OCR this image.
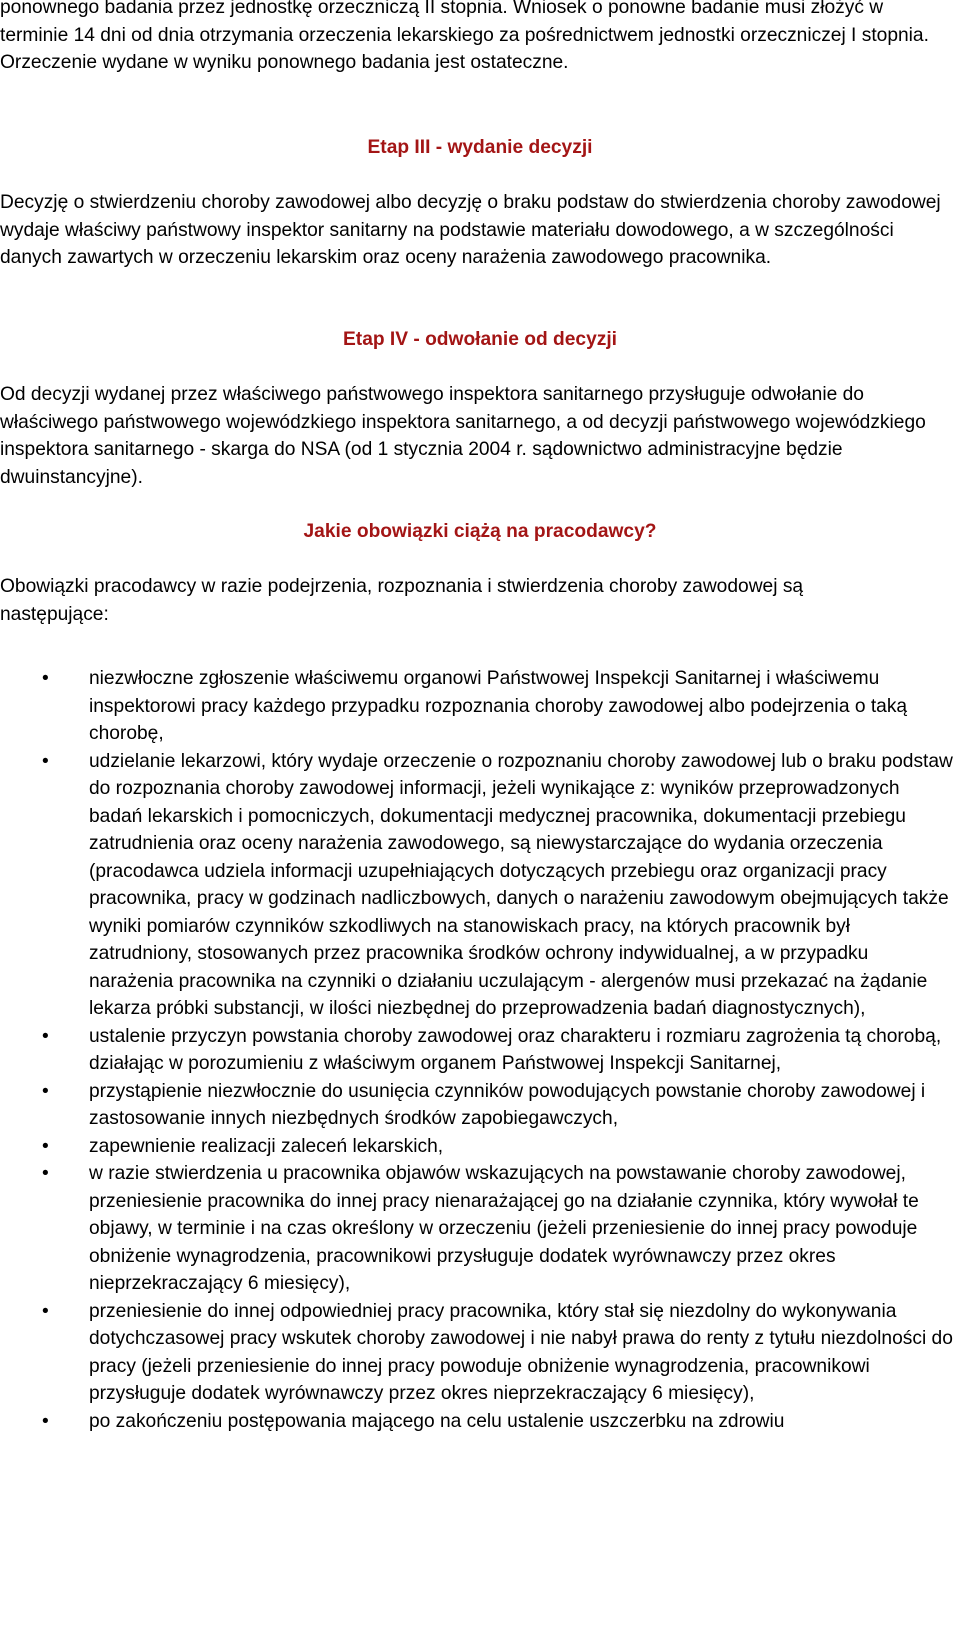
ponownego badania przez jednostkę orzeczniczą II stopnia. Wniosek o ponowne badanie musi złożyć w terminie 14 dni od dnia otrzymania orzeczenia lekarskiego za pośrednictwem jednostki orzeczniczej I stopnia. Orzeczenie wydane w wyniku ponownego badania jest ostateczne.

Etap III - wydanie decyzji

Decyzję o stwierdzeniu choroby zawodowej albo decyzję o braku podstaw do stwierdzenia choroby zawodowej wydaje właściwy państwowy inspektor sanitarny na podstawie materiału dowodowego, a w szczególności danych zawartych w orzeczeniu lekarskim oraz oceny narażenia zawodowego pracownika.

Etap IV - odwołanie od decyzji

Od decyzji wydanej przez właściwego państwowego inspektora sanitarnego przysługuje odwołanie do właściwego państwowego wojewódzkiego inspektora sanitarnego, a od decyzji państwowego wojewódzkiego inspektora sanitarnego - skarga do NSA (od 1 stycznia 2004 r. sądownictwo administracyjne będzie dwuinstancyjne).

Jakie obowiązki ciążą na pracodawcy?

Obowiązki pracodawcy w razie podejrzenia, rozpoznania i stwierdzenia choroby zawodowej są następujące:

• niezwłoczne zgłoszenie właściwemu organowi Państwowej Inspekcji Sanitarnej i właściwemu inspektorowi pracy każdego przypadku rozpoznania choroby zawodowej albo podejrzenia o taką chorobę,
• udzielanie lekarzowi, który wydaje orzeczenie o rozpoznaniu choroby zawodowej lub o braku podstaw do rozpoznania choroby zawodowej informacji, jeżeli wynikające z: wyników przeprowadzonych badań lekarskich i pomocniczych, dokumentacji medycznej pracownika, dokumentacji przebiegu zatrudnienia oraz oceny narażenia zawodowego, są niewystarczające do wydania orzeczenia (pracodawca udziela informacji uzupełniających dotyczących przebiegu oraz organizacji pracy pracownika, pracy w godzinach nadliczbowych, danych o narażeniu zawodowym obejmujących także wyniki pomiarów czynników szkodliwych na stanowiskach pracy, na których pracownik był zatrudniony, stosowanych przez pracownika środków ochrony indywidualnej, a w przypadku narażenia pracownika na czynniki o działaniu uczulającym - alergenów musi przekazać na żądanie lekarza próbki substancji, w ilości niezbędnej do przeprowadzenia badań diagnostycznych),
• ustalenie przyczyn powstania choroby zawodowej oraz charakteru i rozmiaru zagrożenia tą chorobą, działając w porozumieniu z właściwym organem Państwowej Inspekcji Sanitarnej,
• przystąpienie niezwłocznie do usunięcia czynników powodujących powstanie choroby zawodowej i zastosowanie innych niezbędnych środków zapobiegawczych,
• zapewnienie realizacji zaleceń lekarskich,
• w razie stwierdzenia u pracownika objawów wskazujących na powstawanie choroby zawodowej, przeniesienie pracownika do innej pracy nienarażającej go na działanie czynnika, który wywołał te objawy, w terminie i na czas określony w orzeczeniu (jeżeli przeniesienie do innej pracy powoduje obniżenie wynagrodzenia, pracownikowi przysługuje dodatek wyrównawczy przez okres nieprzekraczający 6 miesięcy),
• przeniesienie do innej odpowiedniej pracy pracownika, który stał się niezdolny do wykonywania dotychczasowej pracy wskutek choroby zawodowej i nie nabył prawa do renty z tytułu niezdolności do pracy (jeżeli przeniesienie do innej pracy powoduje obniżenie wynagrodzenia, pracownikowi przysługuje dodatek wyrównawczy przez okres nieprzekraczający 6 miesięcy),
• po zakończeniu postępowania mającego na celu ustalenie uszczerbku na zdrowiu
